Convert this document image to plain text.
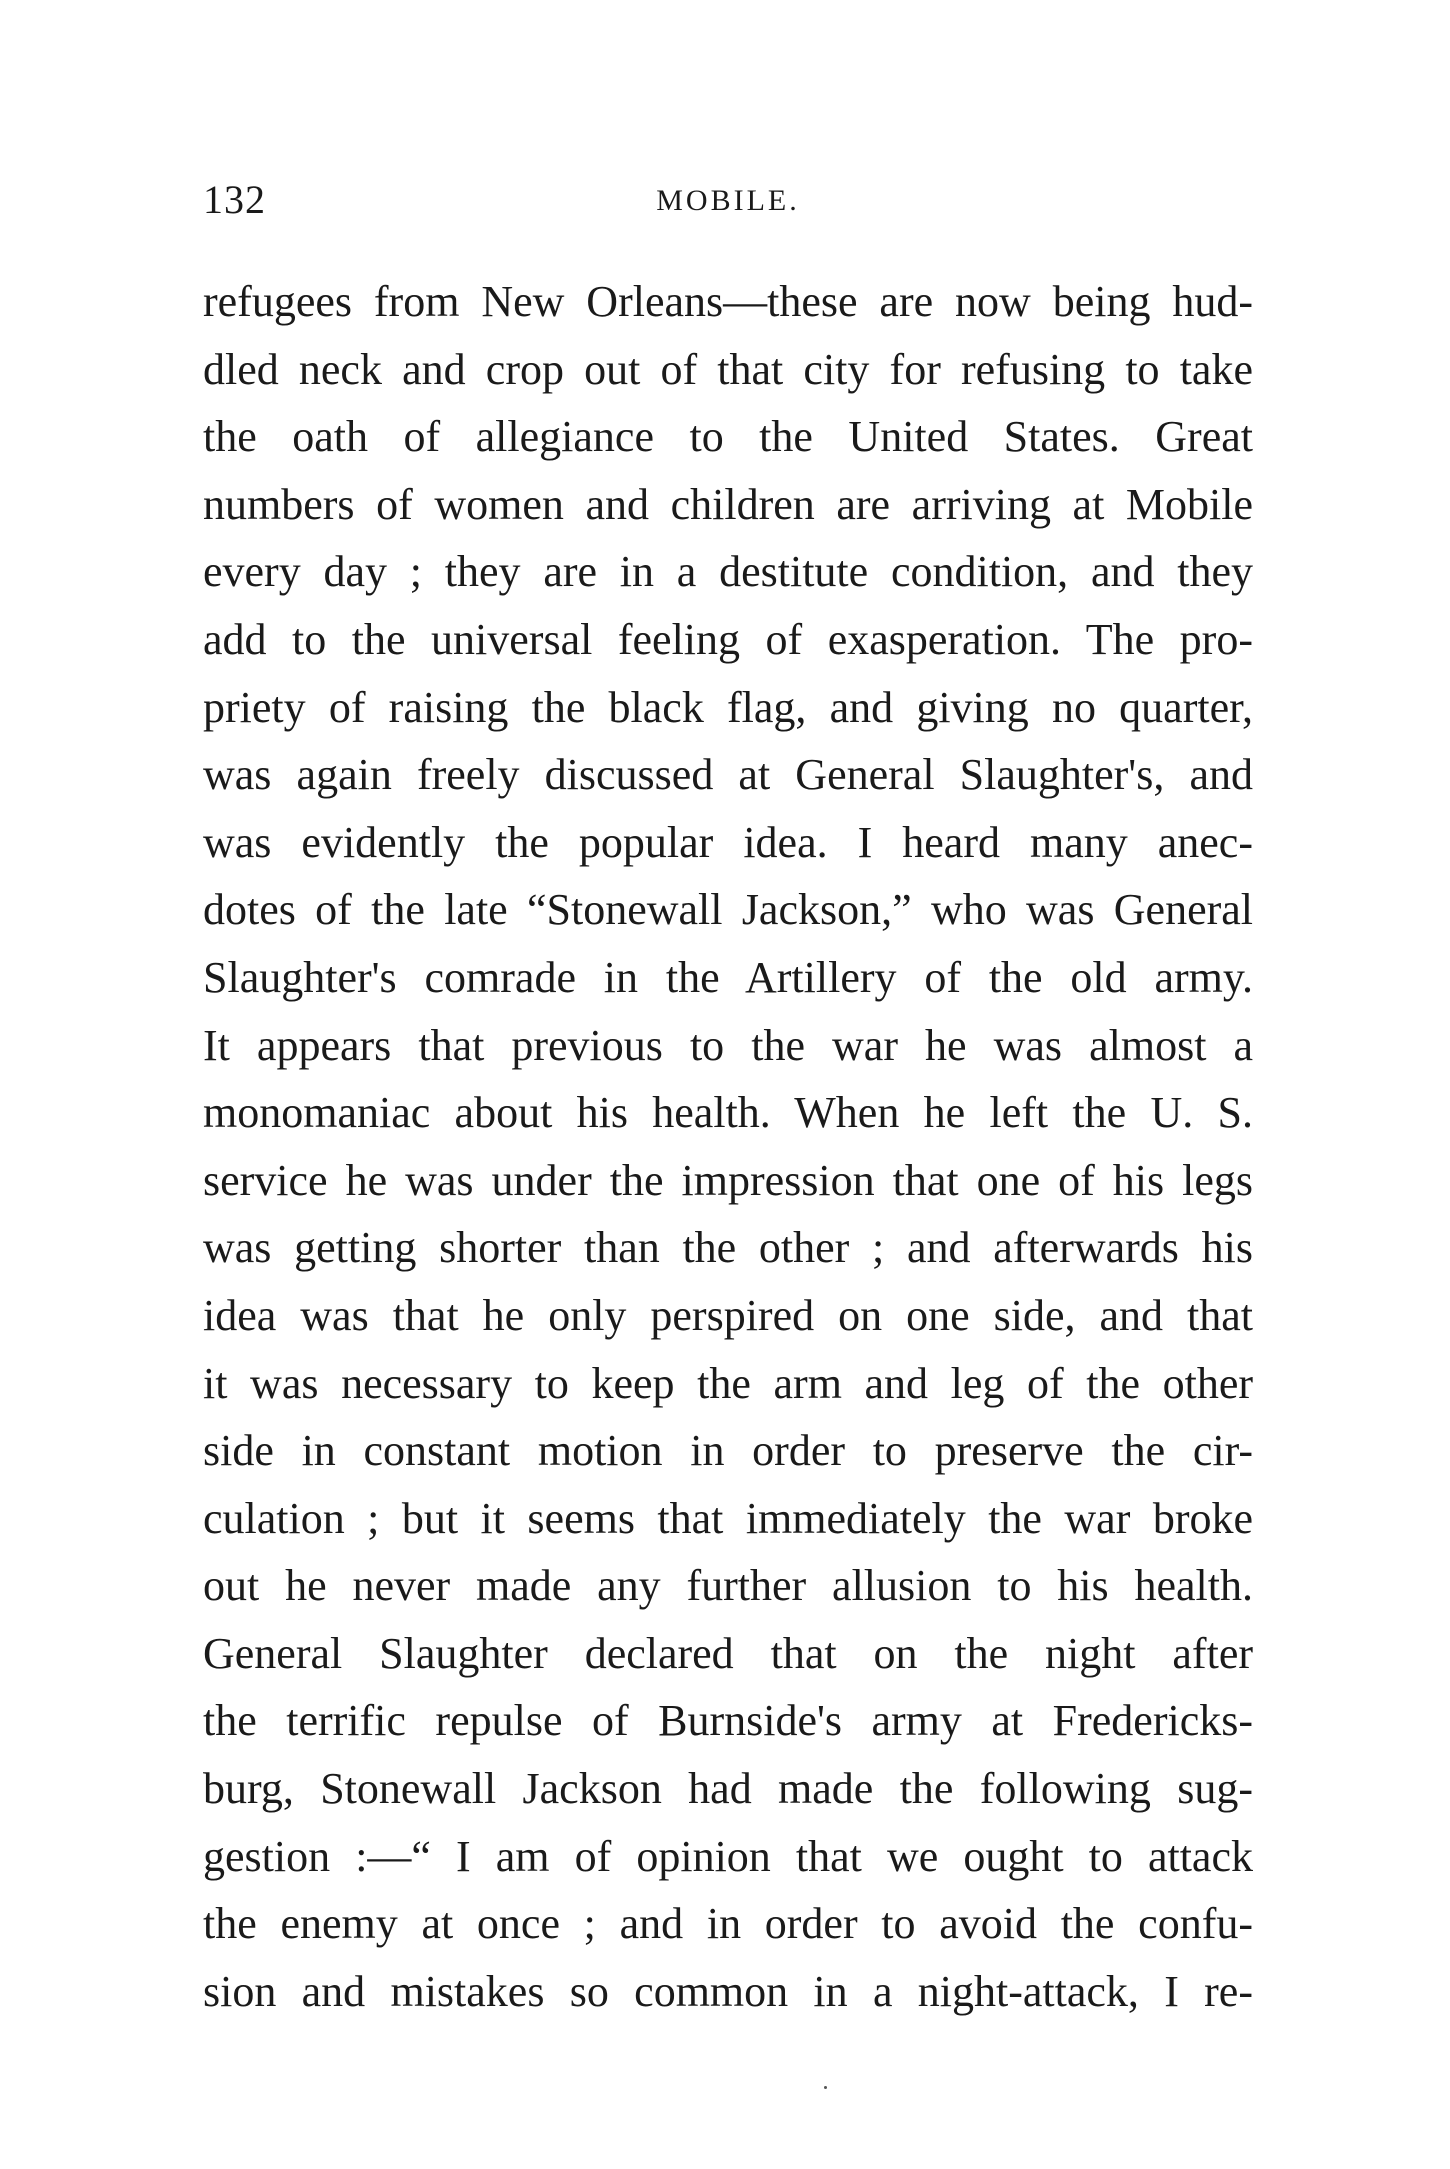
132	MOBILE.
refugees from New Orleans—these are now being hud-
dled neck and crop out of that city for refusing to take
the oath of allegiance to the United States. Great
numbers of women and children are arriving at Mobile
every day ; they are in a destitute condition, and they
add to the universal feeling of exasperation. The pro-
priety of raising the black flag, and giving no quarter,
was again freely discussed at General Slaughter's, and
was evidently the popular idea. I heard many anec-
dotes of the late “Stonewall Jackson,” who was General
Slaughter's comrade in the Artillery of the old army.
It appears that previous to the war he was almost a
monomaniac about his health. When he left the U. S.
service he was under the impression that one of his legs
was getting shorter than the other ; and afterwards his
idea was that he only perspired on one side, and that
it was necessary to keep the arm and leg of the other
side in constant motion in order to preserve the cir-
culation ; but it seems that immediately the war broke
out he never made any further allusion to his health.
General Slaughter declared that on the night after
the terrific repulse of Burnside's army at Fredericks-
burg, Stonewall Jackson had made the following sug-
gestion :—“ I am of opinion that we ought to attack
the enemy at once ; and in order to avoid the confu-
sion and mistakes so common in a night-attack, I re-
